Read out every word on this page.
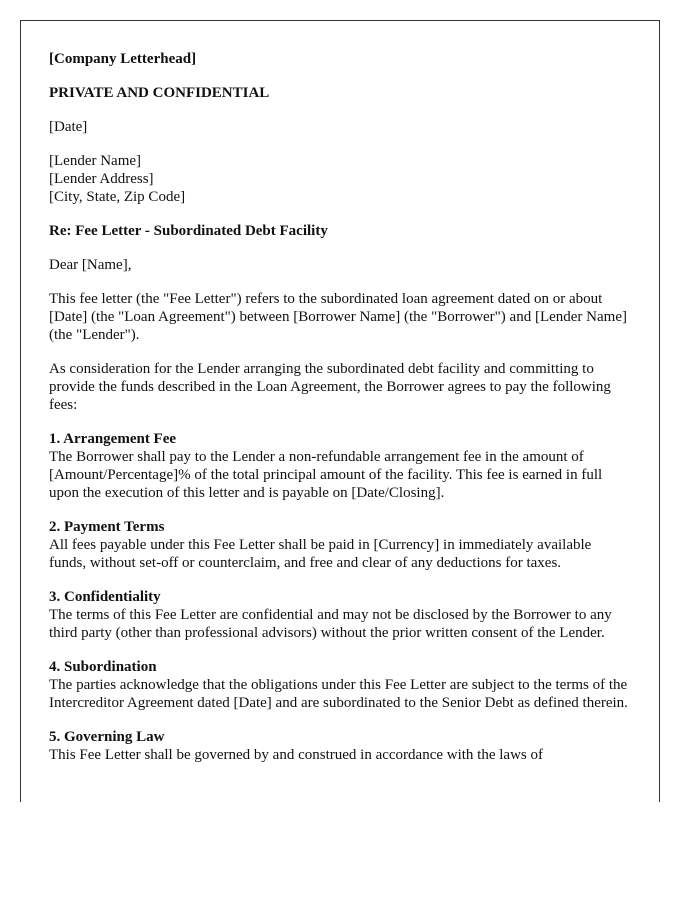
[Company Letterhead]

PRIVATE AND CONFIDENTIAL

[Date]

[Lender Name]
[Lender Address]
[City, State, Zip Code]

Re: Fee Letter - Subordinated Debt Facility

Dear [Name],

This fee letter (the "Fee Letter") refers to the subordinated loan agreement dated on or about [Date] (the "Loan Agreement") between [Borrower Name] (the "Borrower") and [Lender Name] (the "Lender").

As consideration for the Lender arranging the subordinated debt facility and committing to provide the funds described in the Loan Agreement, the Borrower agrees to pay the following fees:

1. Arrangement Fee
The Borrower shall pay to the Lender a non-refundable arrangement fee in the amount of [Amount/Percentage]% of the total principal amount of the facility. This fee is earned in full upon the execution of this letter and is payable on [Date/Closing].

2. Payment Terms
All fees payable under this Fee Letter shall be paid in [Currency] in immediately available funds, without set-off or counterclaim, and free and clear of any deductions for taxes.

3. Confidentiality
The terms of this Fee Letter are confidential and may not be disclosed by the Borrower to any third party (other than professional advisors) without the prior written consent of the Lender.

4. Subordination
The parties acknowledge that the obligations under this Fee Letter are subject to the terms of the Intercreditor Agreement dated [Date] and are subordinated to the Senior Debt as defined therein.

5. Governing Law
This Fee Letter shall be governed by and construed in accordance with the laws of
